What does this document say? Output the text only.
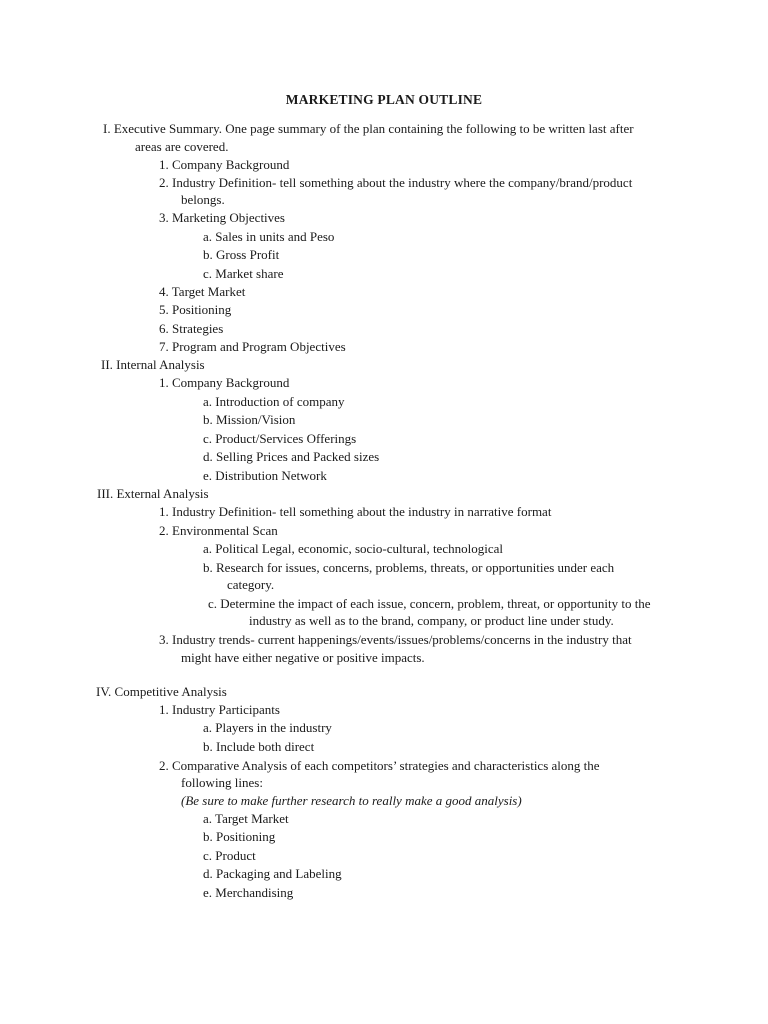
MARKETING PLAN OUTLINE
I. Executive Summary. One page summary of the plan containing the following to be written last after
areas are covered.
1. Company Background
2. Industry Definition- tell something about the industry where the company/brand/product
belongs.
3. Marketing Objectives
a. Sales in units and Peso
b. Gross Profit
c. Market share
4. Target Market
5. Positioning
6. Strategies
7. Program and Program Objectives
II. Internal Analysis
1. Company Background
a. Introduction of company
b. Mission/Vision
c. Product/Services Offerings
d. Selling Prices and Packed sizes
e. Distribution Network
III. External Analysis
1. Industry Definition- tell something about the industry in narrative format
2. Environmental Scan
a. Political Legal, economic, socio-cultural, technological
b. Research for issues, concerns, problems, threats, or opportunities under each
category.
c. Determine the impact of each issue, concern, problem, threat, or opportunity to the
industry as well as to the brand, company, or product line under study.
3. Industry trends- current happenings/events/issues/problems/concerns in the industry that
might have either negative or positive impacts.
IV. Competitive Analysis
1. Industry Participants
a. Players in the industry
b. Include both direct
2. Comparative Analysis of each competitors’ strategies and characteristics along the
following lines:
(Be sure to make further research to really make a good analysis)
a. Target Market
b. Positioning
c. Product
d. Packaging and Labeling
e. Merchandising
